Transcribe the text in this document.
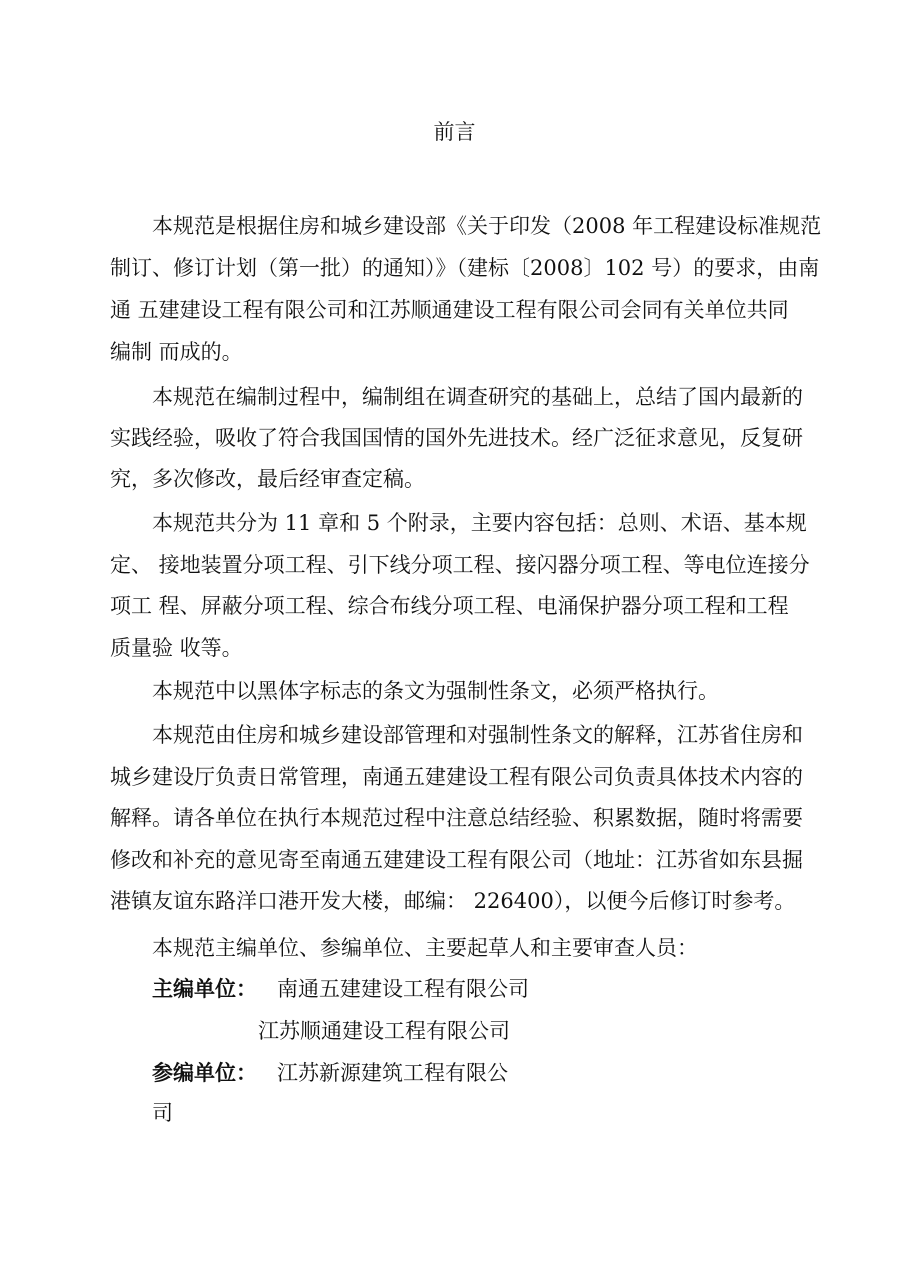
前言
本规范是根据住房和城乡建设部《关于印发（2008 年工程建设标准规范
制订、修订计划（第一批）的通知）》（建标〔2008〕102 号）的要求，由南
通 五建建设工程有限公司和江苏顺通建设工程有限公司会同有关单位共同
编制 而成的。
本规范在编制过程中，编制组在调查研究的基础上，总结了国内最新的
实践经验，吸收了符合我国国情的国外先进技术。经广泛征求意见，反复研
究，多次修改，最后经审查定稿。
本规范共分为 11 章和 5 个附录，主要内容包括：总则、术语、基本规
定、 接地装置分项工程、引下线分项工程、接闪器分项工程、等电位连接分
项工 程、屏蔽分项工程、综合布线分项工程、电涌保护器分项工程和工程
质量验 收等。
本规范中以黑体字标志的条文为强制性条文，必须严格执行。
本规范由住房和城乡建设部管理和对强制性条文的解释，江苏省住房和
城乡建设厅负责日常管理，南通五建建设工程有限公司负责具体技术内容的
解释。请各单位在执行本规范过程中注意总结经验、积累数据，随时将需要
修改和补充的意见寄至南通五建建设工程有限公司（地址：江苏省如东县掘
港镇友谊东路洋口港开发大楼，邮编： 226400），以便今后修订时参考。
本规范主编单位、参编单位、主要起草人和主要审查人员：
主编单位： 南通五建建设工程有限公司
江苏顺通建设工程有限公司
参编单位： 江苏新源建筑工程有限公
司
